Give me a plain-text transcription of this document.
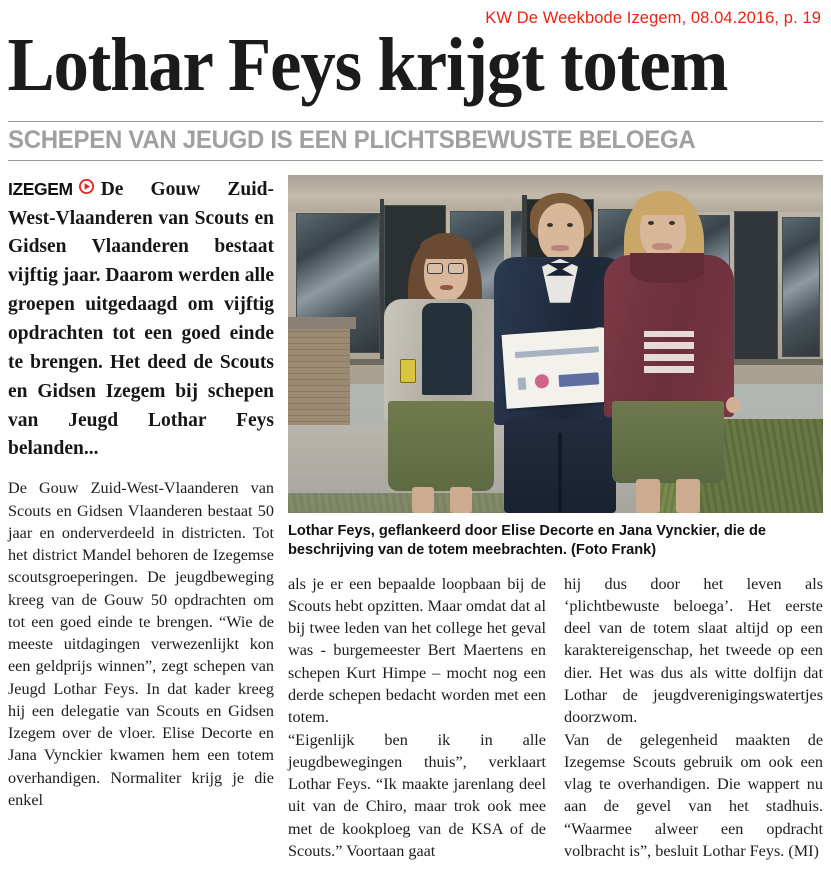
KW De Weekbode Izegem, 08.04.2016, p. 19
Lothar Feys krijgt totem
SCHEPEN VAN JEUGD IS EEN PLICHTSBEWUSTE BELOEGA

IZEGEM De Gouw Zuid-West-Vlaanderen van Scouts en Gidsen Vlaanderen bestaat vijftig jaar. Daarom werden alle groepen uitgedaagd om vijftig opdrachten tot een goed einde te brengen. Het deed de Scouts en Gidsen Izegem bij schepen van Jeugd Lothar Feys belanden...

De Gouw Zuid-West-Vlaanderen van Scouts en Gidsen Vlaanderen bestaat 50 jaar en onderverdeeld in districten. Tot het district Mandel behoren de Izegemse scoutsgroeperingen. De jeugdbeweging kreeg van de Gouw 50 opdrachten om tot een goed einde te brengen. “Wie de meeste uitdagingen verwezenlijkt kon een geldprijs winnen”, zegt schepen van Jeugd Lothar Feys. In dat kader kreeg hij een delegatie van Scouts en Gidsen Izegem over de vloer. Elise Decorte en Jana Vynckier kwamen hem een totem overhandigen. Normaliter krijg je die enkel

Lothar Feys, geflankeerd door Elise Decorte en Jana Vynckier, die de beschrijving van de totem meebrachten. (Foto Frank)

als je er een bepaalde loopbaan bij de Scouts hebt opzitten. Maar omdat dat al bij twee leden van het college het geval was - burgemeester Bert Maertens en schepen Kurt Himpe – mocht nog een derde schepen bedacht worden met een totem.

“Eigenlijk ben ik in alle jeugdbewegingen thuis”, verklaart Lothar Feys. “Ik maakte jarenlang deel uit van de Chiro, maar trok ook mee met de kookploeg van de KSA of de Scouts.” Voortaan gaat

hij dus door het leven als ‘plichtbewuste beloega’. Het eerste deel van de totem slaat altijd op een karaktereigenschap, het tweede op een dier. Het was dus als witte dolfijn dat Lothar de jeugdverenigingswatertjes doorzwom.

Van de gelegenheid maakten de Izegemse Scouts gebruik om ook een vlag te overhandigen. Die wappert nu aan de gevel van het stadhuis. “Waarmee alweer een opdracht volbracht is”, besluit Lothar Feys. (MI)
